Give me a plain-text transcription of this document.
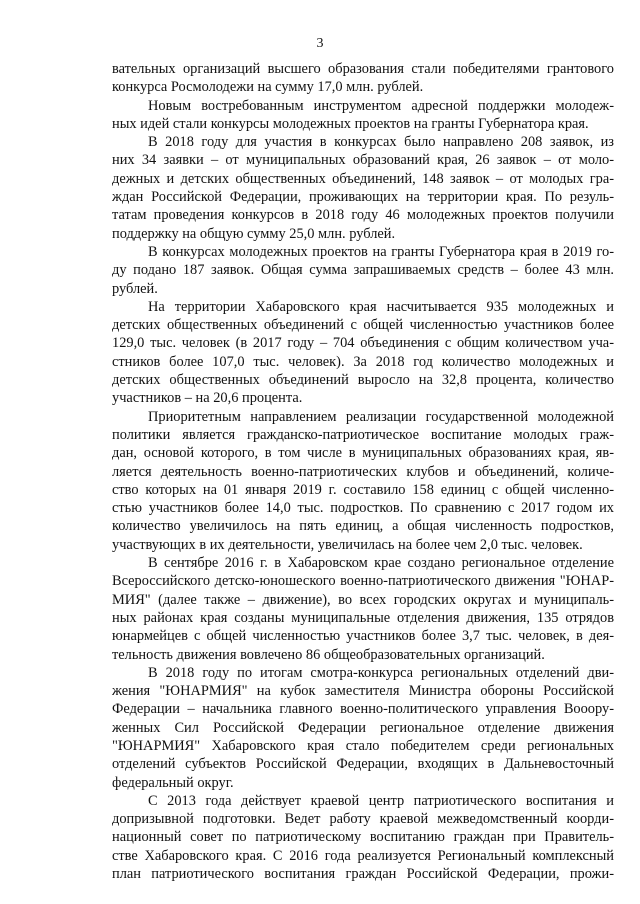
3
вательных организаций высшего образования стали победителями грантового
конкурса Росмолодежи на сумму 17,0 млн. рублей.
Новым востребованным инструментом адресной поддержки молодеж-
ных идей стали конкурсы молодежных проектов на гранты Губернатора края.
В 2018 году для участия в конкурсах было направлено 208 заявок, из
них 34 заявки – от муниципальных образований края, 26 заявок – от моло-
дежных и детских общественных объединений, 148 заявок – от молодых гра-
ждан Российской Федерации, проживающих на территории края. По резуль-
татам проведения конкурсов в 2018 году 46 молодежных проектов получили
поддержку на общую сумму 25,0 млн. рублей.
В конкурсах молодежных проектов на гранты Губернатора края в 2019 го-
ду подано 187 заявок. Общая сумма запрашиваемых средств – более 43 млн.
рублей.
На территории Хабаровского края насчитывается 935 молодежных и
детских общественных объединений с общей численностью участников более
129,0 тыс. человек (в 2017 году – 704 объединения с общим количеством уча-
стников более 107,0 тыс. человек). За 2018 год количество молодежных и
детских общественных объединений выросло на 32,8 процента, количество
участников – на 20,6 процента.
Приоритетным направлением реализации государственной молодежной
политики является гражданско-патриотическое воспитание молодых граж-
дан, основой которого, в том числе в муниципальных образованиях края, яв-
ляется деятельность военно-патриотических клубов и объединений, количе-
ство которых на 01 января 2019 г. составило 158 единиц с общей численно-
стью участников более 14,0 тыс. подростков. По сравнению с 2017 годом их
количество увеличилось на пять единиц, а общая численность подростков,
участвующих в их деятельности, увеличилась на более чем 2,0 тыс. человек.
В сентябре 2016 г. в Хабаровском крае создано региональное отделение
Всероссийского детско-юношеского военно-патриотического движения "ЮНАР-
МИЯ" (далее также – движение), во всех городских округах и муниципаль-
ных районах края созданы муниципальные отделения движения, 135 отрядов
юнармейцев с общей численностью участников более 3,7 тыс. человек, в дея-
тельность движения вовлечено 86 общеобразовательных организаций.
В 2018 году по итогам смотра-конкурса региональных отделений дви-
жения "ЮНАРМИЯ" на кубок заместителя Министра обороны Российской
Федерации – начальника главного военно-политического управления Вооору-
женных Сил Российской Федерации региональное отделение движения
"ЮНАРМИЯ" Хабаровского края стало победителем среди региональных
отделений субъектов Российской Федерации, входящих в Дальневосточный
федеральный округ.
С 2013 года действует краевой центр патриотического воспитания и
допризывной подготовки. Ведет работу краевой межведомственный коорди-
национный совет по патриотическому воспитанию граждан при Правитель-
стве Хабаровского края. С 2016 года реализуется Региональный комплексный
план патриотического воспитания граждан Российской Федерации, прожи-
